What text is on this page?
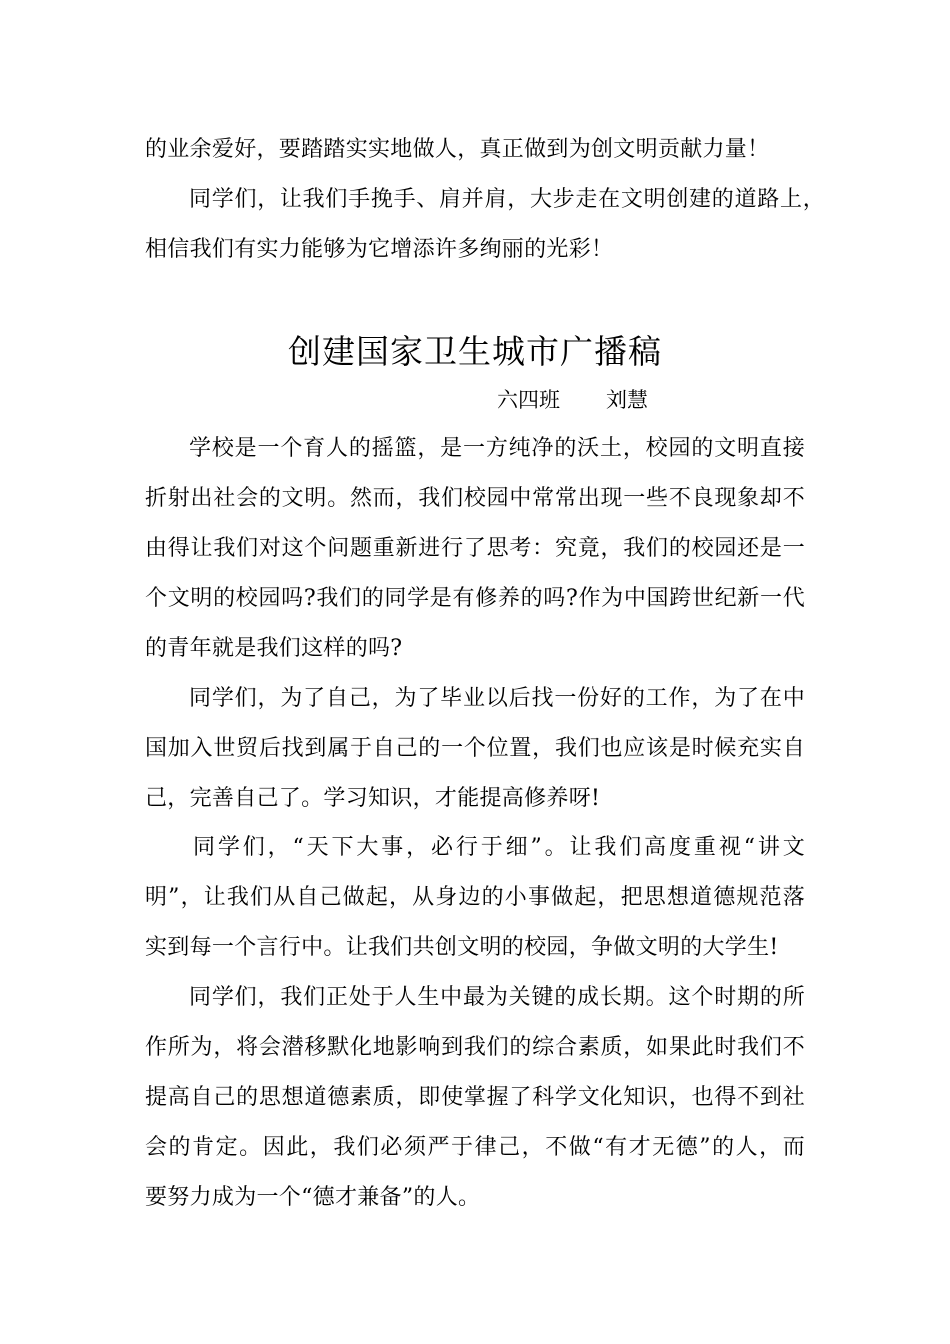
的业余爱好，要踏踏实实地做人，真正做到为创文明贡献力量！
同学们，让我们手挽手、肩并肩，大步走在文明创建的道路上，
相信我们有实力能够为它增添许多绚丽的光彩！
创建国家卫生城市广播稿
六四班 刘慧
学校是一个育人的摇篮，是一方纯净的沃土，校园的文明直接
折射出社会的文明。然而，我们校园中常常出现一些不良现象却不
由得让我们对这个问题重新进行了思考：究竟，我们的校园还是一
个文明的校园吗?我们的同学是有修养的吗?作为中国跨世纪新一代
的青年就是我们这样的吗?
同学们，为了自己，为了毕业以后找一份好的工作，为了在中
国加入世贸后找到属于自己的一个位置，我们也应该是时候充实自
己，完善自己了。学习知识，才能提高修养呀!
同学们，“天下大事，必行于细”。让我们高度重视“讲文
明”，让我们从自己做起，从身边的小事做起，把思想道德规范落
实到每一个言行中。让我们共创文明的校园，争做文明的大学生!
同学们，我们正处于人生中最为关键的成长期。这个时期的所
作所为，将会潜移默化地影响到我们的综合素质，如果此时我们不
提高自己的思想道德素质，即使掌握了科学文化知识，也得不到社
会的肯定。因此，我们必须严于律己，不做“有才无德”的人，而
要努力成为一个“德才兼备”的人。
